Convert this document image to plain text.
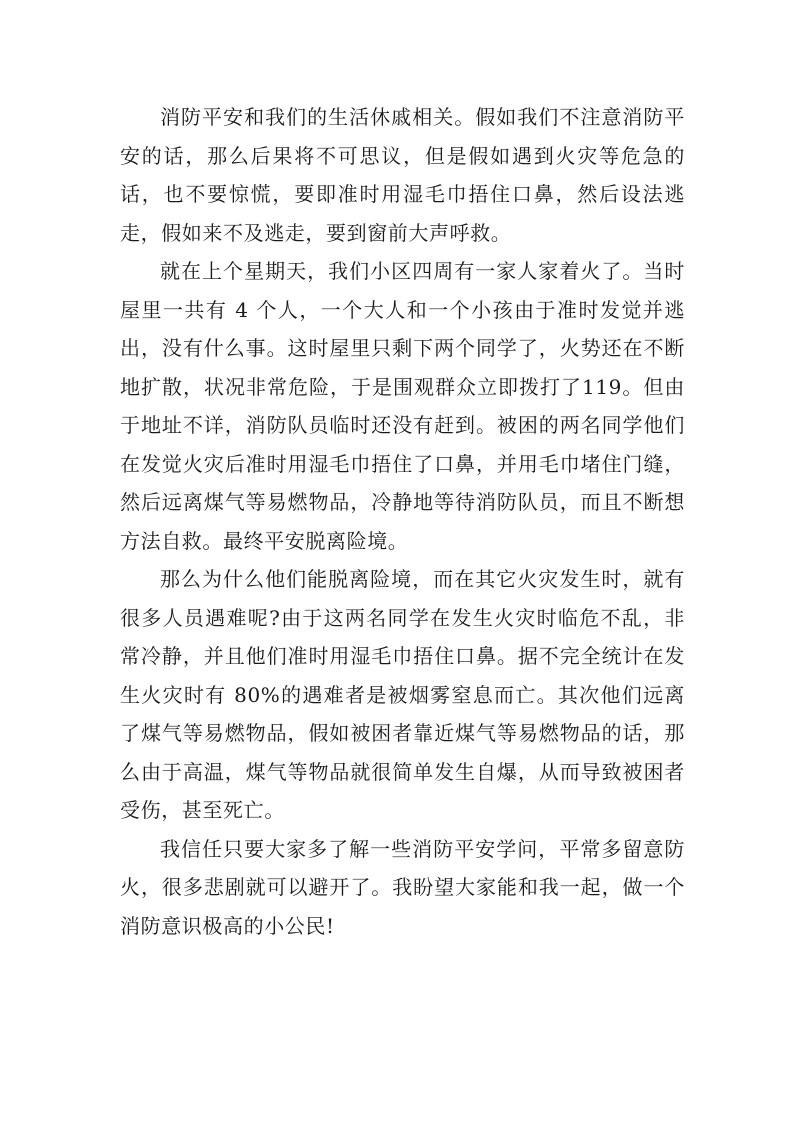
消防平安和我们的生活休戚相关。假如我们不注意消防平安的话，那么后果将不可思议，但是假如遇到火灾等危急的话，也不要惊慌，要即准时用湿毛巾捂住口鼻，然后设法逃走，假如来不及逃走，要到窗前大声呼救。

就在上个星期天，我们小区四周有一家人家着火了。当时屋里一共有 4 个人，一个大人和一个小孩由于准时发觉并逃出，没有什么事。这时屋里只剩下两个同学了，火势还在不断地扩散，状况非常危险，于是围观群众立即拨打了119。但由于地址不详，消防队员临时还没有赶到。被困的两名同学他们在发觉火灾后准时用湿毛巾捂住了口鼻，并用毛巾堵住门缝，然后远离煤气等易燃物品，冷静地等待消防队员，而且不断想方法自救。最终平安脱离险境。

那么为什么他们能脱离险境，而在其它火灾发生时，就有很多人员遇难呢?由于这两名同学在发生火灾时临危不乱，非常冷静，并且他们准时用湿毛巾捂住口鼻。据不完全统计在发生火灾时有 80%的遇难者是被烟雾窒息而亡。其次他们远离了煤气等易燃物品，假如被困者靠近煤气等易燃物品的话，那么由于高温，煤气等物品就很简单发生自爆，从而导致被困者受伤，甚至死亡。

我信任只要大家多了解一些消防平安学问，平常多留意防火，很多悲剧就可以避开了。我盼望大家能和我一起，做一个消防意识极高的小公民!
